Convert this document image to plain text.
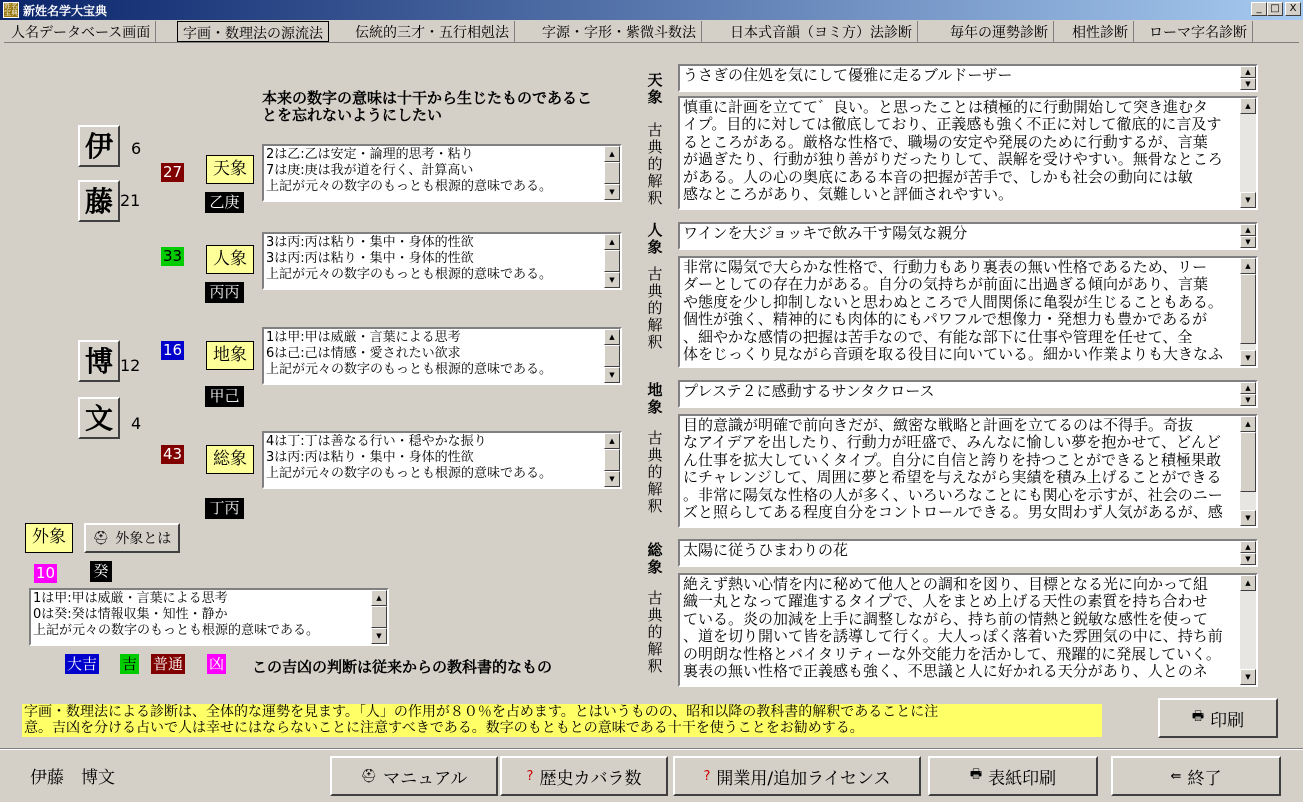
姓名宝典 新姓名学大宝典	_ □ X
人名データベース画面	字画・数理法の源流法	伝統的三才・五行相剋法	字源・字形・紫微斗数法	日本式音韻（ヨミ方）法診断	毎年の運勢診断	相性診断	ローマ字名診断
本来の数字の意味は十干から生じたものであるこ
とを忘れないようにしたい
伊	6
藤 21
博 12
文	4
27	天象
乙庚
2は乙:乙は安定・論理的思考・粘り
7は庚:庚は我が道を行く、計算高い
上記が元々の数字のもっとも根源的意味である。
▲
▼
33	人象
丙丙
3は丙:丙は粘り・集中・身体的性欲
3は丙:丙は粘り・集中・身体的性欲
上記が元々の数字のもっとも根源的意味である。
▲
▼
16	地象
甲己
1は甲:甲は威厳・言葉による思考
6は己:己は情感・愛されたい欲求
上記が元々の数字のもっとも根源的意味である。
▲
▼
43	総象
丁丙
4は丁:丁は善なる行い・穏やかな振り
3は丙:丙は粘り・集中・身体的性欲
上記が元々の数字のもっとも根源的意味である。
▲
▼
外象	⛑ 外象とは
10	癸
1は甲:甲は威厳・言葉による思考
0は癸:癸は情報収集・知性・静か
上記が元々の数字のもっとも根源的意味である。
▲
▼
大吉 吉 普通 凶 この吉凶の判断は従来からの教科書的なもの
天象
古典的解釈
うさぎの住処を気にして優雅に走るブルドーザー	▲
▼
慎重に計画を立てて゛良い。と思ったことは積極的に行動開始して突き進むタ
イプ。目的に対しては徹底しており、正義感も強く不正に対して徹底的に言及す
るところがある。厳格な性格で、職場の安定や発展のために行動するが、言葉
が過ぎたり、行動が独り善がりだったりして、誤解を受けやすい。無骨なところ
がある。人の心の奥底にある本音の把握が苦手で、しかも社会の動向には敏
感なところがあり、気難しいと評価されやすい。
▲
▼
人象
古典的解釈
ワインを大ジョッキで飲み干す陽気な親分	▲
▼
非常に陽気で大らかな性格で、行動力もあり裏表の無い性格であるため、リー
ダーとしての存在力がある。自分の気持ちが前面に出過ぎる傾向があり、言葉
や態度を少し抑制しないと思わぬところで人間関係に亀裂が生じることもある。
個性が強く、精神的にも肉体的にもパワフルで想像力・発想力も豊かであるが
、細やかな感情の把握は苦手なので、有能な部下に仕事や管理を任せて、全
体をじっくり見ながら音頭を取る役目に向いている。細かい作業よりも大きなふ
▲
▼
地象
古典的解釈
プレステ２に感動するサンタクロース	▲
▼
目的意識が明確で前向きだが、緻密な戦略と計画を立てるのは不得手。奇抜
なアイデアを出したり、行動力が旺盛で、みんなに愉しい夢を抱かせて、どんど
ん仕事を拡大していくタイプ。自分に自信と誇りを持つことができると積極果敢
にチャレンジして、周囲に夢と希望を与えながら実績を積み上げることができる
。非常に陽気な性格の人が多く、いろいろなことにも関心を示すが、社会のニー
ズと照らしてある程度自分をコントロールできる。男女問わず人気があるが、感
▲
▼
総象
古典的解釈
太陽に従うひまわりの花	▲
▼
絶えず熱い心情を内に秘めて他人との調和を図り、目標となる光に向かって組
織一丸となって躍進するタイプで、人をまとめ上げる天性の素質を持ち合わせ
ている。炎の加減を上手に調整しながら、持ち前の情熱と鋭敏な感性を使って
、道を切り開いて皆を誘導して行く。大人っぽく落着いた雰囲気の中に、持ち前
の明朗な性格とバイタリティーな外交能力を活かして、飛躍的に発展していく。
裏表の無い性格で正義感も強く、不思議と人に好かれる天分があり、人とのネ
▲
▼
字画・数理法による診断は、全体的な運勢を見ます。「人」の作用が８０％を占めます。とはいうものの、昭和以降の教科書的解釈であることに注
意。吉凶を分ける占いで人は幸せにはならないことに注意すべきである。数字のもともとの意味である十干を使うことをお勧めする。
🖶 印刷
伊藤　博文	⛑ マニュアル	? 歴史カバラ数	? 開業用/追加ライセンス	🖶 表紙印刷	⇚ 終了
